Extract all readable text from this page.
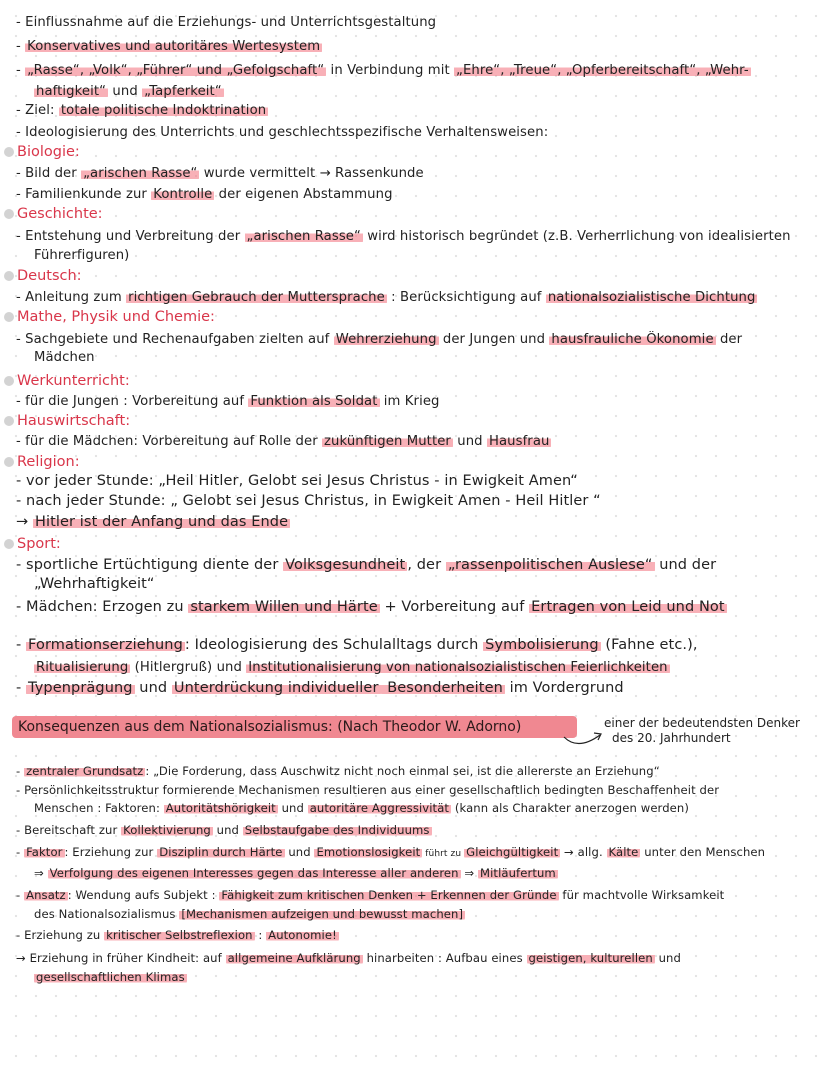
- Einflussnahme auf die Erziehungs- und Unterrichtsgestaltung
- Konservatives und autoritäres Wertesystem
- „Rasse“, „Volk“, „Führer“ und „Gefolgschaft“ in Verbindung mit „Ehre“, „Treue“, „Opferbereitschaft“, „Wehr-
haftigkeit“ und „Tapferkeit“
- Ziel: totale politische Indoktrination
- Ideologisierung des Unterrichts und geschlechtsspezifische Verhaltensweisen:
Biologie:
- Bild der „arischen Rasse“ wurde vermittelt → Rassenkunde
- Familienkunde zur Kontrolle der eigenen Abstammung
Geschichte:
- Entstehung und Verbreitung der „arischen Rasse“ wird historisch begründet (z.B. Verherrlichung von idealisierten
Führerfiguren)
Deutsch:
- Anleitung zum richtigen Gebrauch der Muttersprache : Berücksichtigung auf nationalsozialistische Dichtung
Mathe, Physik und Chemie:
- Sachgebiete und Rechenaufgaben zielten auf Wehrerziehung der Jungen und hausfrauliche Ökonomie der
Mädchen
Werkunterricht:
- für die Jungen : Vorbereitung auf Funktion als Soldat im Krieg
Hauswirtschaft:
- für die Mädchen: Vorbereitung auf Rolle der zukünftigen Mutter und Hausfrau
Religion:
- vor jeder Stunde: „Heil Hitler, Gelobt sei Jesus Christus - in Ewigkeit Amen“
- nach jeder Stunde: „ Gelobt sei Jesus Christus, in Ewigkeit Amen - Heil Hitler “
→ Hitler ist der Anfang und das Ende
Sport:
- sportliche Ertüchtigung diente der Volksgesundheit , der „rassenpolitischen Auslese“ und der
„Wehrhaftigkeit“
- Mädchen: Erzogen zu starkem Willen und Härte + Vorbereitung auf Ertragen von Leid und Not
- Formationserziehung : Ideologisierung des Schulalltags durch Symbolisierung (Fahne etc.),
Ritualisierung (Hitlergruß) und Institutionalisierung von nationalsozialistischen Feierlichkeiten
- Typenprägung und Unterdrückung individueller Besonderheiten im Vordergrund
Konsequenzen aus dem Nationalsozialismus: (Nach Theodor W. Adorno)	einer der bedeutendsten Denker
des 20. Jahrhundert
- zentraler Grundsatz : „Die Forderung, dass Auschwitz nicht noch einmal sei, ist die allererste an Erziehung“
- Persönlichkeitsstruktur formierende Mechanismen resultieren aus einer gesellschaftlich bedingten Beschaffenheit der
Menschen : Faktoren: Autoritätshörigkeit und autoritäre Aggressivität (kann als Charakter anerzogen werden)
- Bereitschaft zur Kollektivierung und Selbstaufgabe des Individuums
- Faktor : Erziehung zur Disziplin durch Härte und Emotionslosigkeit führt zu Gleichgültigkeit → allg. Kälte unter den Menschen
⇒ Verfolgung des eigenen Interesses gegen das Interesse aller anderen ⇒ Mitläufertum
- Ansatz : Wendung aufs Subjekt : Fähigkeit zum kritischen Denken + Erkennen der Gründe für machtvolle Wirksamkeit
des Nationalsozialismus [Mechanismen aufzeigen und bewusst machen]
- Erziehung zu kritischer Selbstreflexion : Autonomie!
→ Erziehung in früher Kindheit: auf allgemeine Aufklärung hinarbeiten : Aufbau eines geistigen, kulturellen und
gesellschaftlichen Klimas
